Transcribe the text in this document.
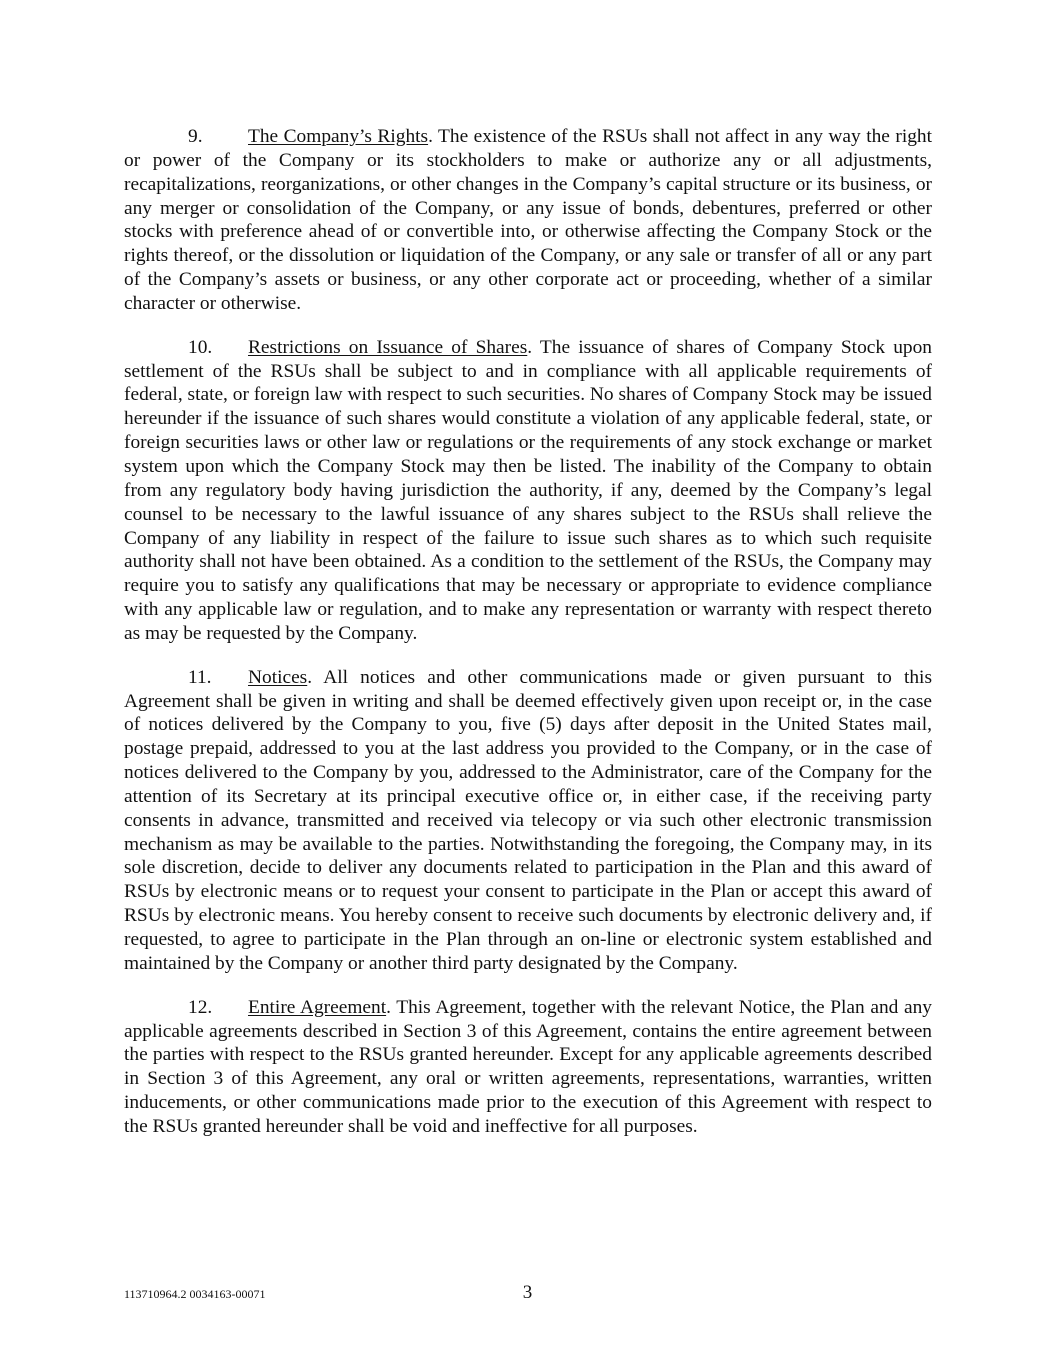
9. The Company’s Rights. The existence of the RSUs shall not affect in any way the right or power of the Company or its stockholders to make or authorize any or all adjustments, recapitalizations, reorganizations, or other changes in the Company’s capital structure or its business, or any merger or consolidation of the Company, or any issue of bonds, debentures, preferred or other stocks with preference ahead of or convertible into, or otherwise affecting the Company Stock or the rights thereof, or the dissolution or liquidation of the Company, or any sale or transfer of all or any part of the Company’s assets or business, or any other corporate act or proceeding, whether of a similar character or otherwise.

10. Restrictions on Issuance of Shares. The issuance of shares of Company Stock upon settlement of the RSUs shall be subject to and in compliance with all applicable requirements of federal, state, or foreign law with respect to such securities. No shares of Company Stock may be issued hereunder if the issuance of such shares would constitute a violation of any applicable federal, state, or foreign securities laws or other law or regulations or the requirements of any stock exchange or market system upon which the Company Stock may then be listed. The inability of the Company to obtain from any regulatory body having jurisdiction the authority, if any, deemed by the Company’s legal counsel to be necessary to the lawful issuance of any shares subject to the RSUs shall relieve the Company of any liability in respect of the failure to issue such shares as to which such requisite authority shall not have been obtained. As a condition to the settlement of the RSUs, the Company may require you to satisfy any qualifications that may be necessary or appropriate to evidence compliance with any applicable law or regulation, and to make any representation or warranty with respect thereto as may be requested by the Company.

11. Notices. All notices and other communications made or given pursuant to this Agreement shall be given in writing and shall be deemed effectively given upon receipt or, in the case of notices delivered by the Company to you, five (5) days after deposit in the United States mail, postage prepaid, addressed to you at the last address you provided to the Company, or in the case of notices delivered to the Company by you, addressed to the Administrator, care of the Company for the attention of its Secretary at its principal executive office or, in either case, if the receiving party consents in advance, transmitted and received via telecopy or via such other electronic transmission mechanism as may be available to the parties. Notwithstanding the foregoing, the Company may, in its sole discretion, decide to deliver any documents related to participation in the Plan and this award of RSUs by electronic means or to request your consent to participate in the Plan or accept this award of RSUs by electronic means. You hereby consent to receive such documents by electronic delivery and, if requested, to agree to participate in the Plan through an on-line or electronic system established and maintained by the Company or another third party designated by the Company.

12. Entire Agreement. This Agreement, together with the relevant Notice, the Plan and any applicable agreements described in Section 3 of this Agreement, contains the entire agreement between the parties with respect to the RSUs granted hereunder. Except for any applicable agreements described in Section 3 of this Agreement, any oral or written agreements, representations, warranties, written inducements, or other communications made prior to the execution of this Agreement with respect to the RSUs granted hereunder shall be void and ineffective for all purposes.

113710964.2 0034163-00071	3
